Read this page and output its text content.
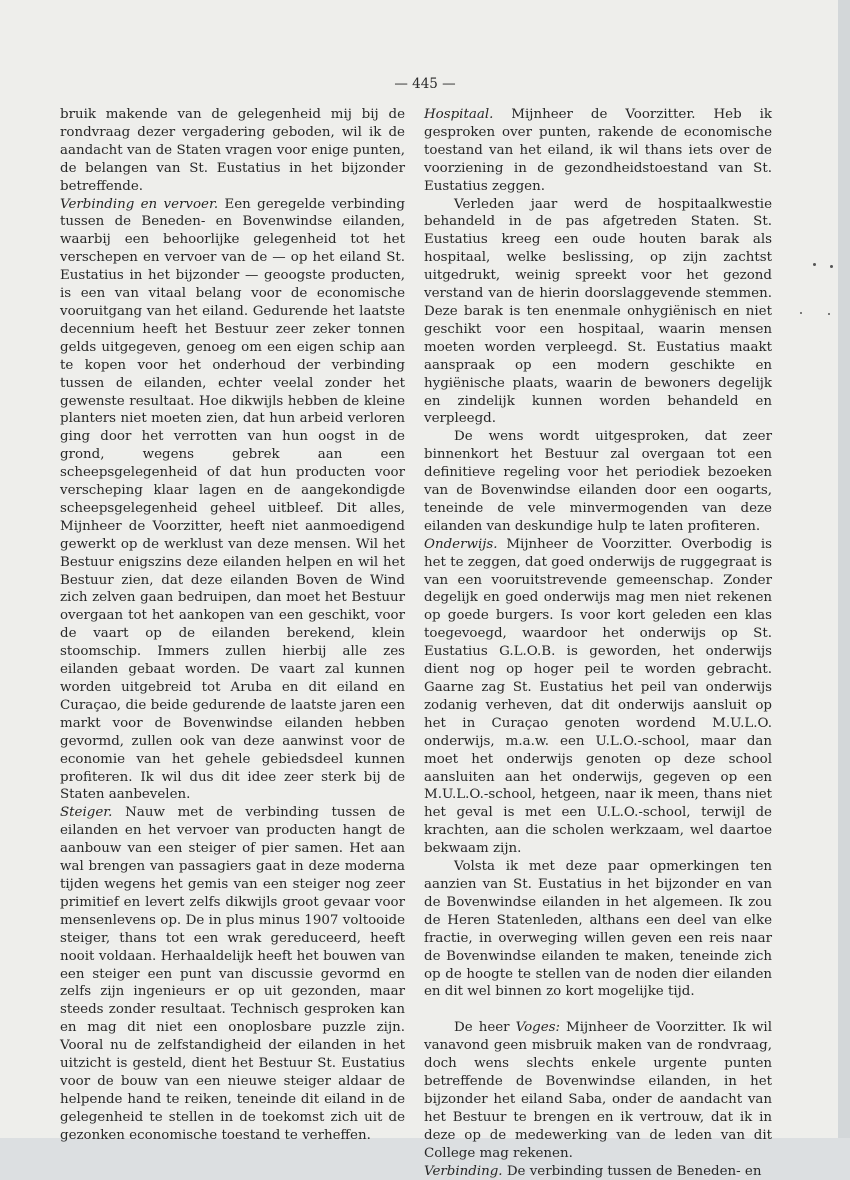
— 445 —

bruik makende van de gelegenheid mij bij de rondvraag dezer vergadering geboden, wil ik de aandacht van de Staten vragen voor enige punten, de belangen van St. Eustatius in het bijzonder betreffende.

Verbinding en vervoer. Een geregelde verbinding tussen de Beneden- en Bovenwindse eilanden, waarbij een behoorlijke gelegenheid tot het verschepen en vervoer van de — op het eiland St. Eustatius in het bijzonder — geoogste producten, is een van vitaal belang voor de economische vooruitgang van het eiland. Gedurende het laatste decennium heeft het Bestuur zeer zeker tonnen gelds uitgegeven, genoeg om een eigen schip aan te kopen voor het onderhoud der verbinding tussen de eilanden, echter veelal zonder het gewenste resultaat. Hoe dikwijls hebben de kleine planters niet moeten zien, dat hun arbeid verloren ging door het verrotten van hun oogst in de grond, wegens gebrek aan een scheepsgelegenheid of dat hun producten voor verscheping klaar lagen en de aangekondigde scheepsgelegenheid geheel uitbleef. Dit alles, Mijnheer de Voorzitter, heeft niet aanmoedigend gewerkt op de werklust van deze mensen. Wil het Bestuur enigszins deze eilanden helpen en wil het Bestuur zien, dat deze eilanden Boven de Wind zich zelven gaan bedruipen, dan moet het Bestuur overgaan tot het aankopen van een geschikt, voor de vaart op de eilanden berekend, klein stoomschip. Immers zullen hierbij alle zes eilanden gebaat worden. De vaart zal kunnen worden uitgebreid tot Aruba en dit eiland en Curaçao, die beide gedurende de laatste jaren een markt voor de Bovenwindse eilanden hebben gevormd, zullen ook van deze aanwinst voor de economie van het gehele gebiedsdeel kunnen profiteren. Ik wil dus dit idee zeer sterk bij de Staten aanbevelen.

Steiger. Nauw met de verbinding tussen de eilanden en het vervoer van producten hangt de aanbouw van een steiger of pier samen. Het aan wal brengen van passagiers gaat in deze moderna tijden wegens het gemis van een steiger nog zeer primitief en levert zelfs dikwijls groot gevaar voor mensenlevens op. De in plus minus 1907 voltooide steiger, thans tot een wrak gereduceerd, heeft nooit voldaan. Herhaaldelijk heeft het bouwen van een steiger een punt van discussie gevormd en zelfs zijn ingenieurs er op uit gezonden, maar steeds zonder resultaat. Technisch gesproken kan en mag dit niet een onoplosbare puzzle zijn. Vooral nu de zelfstandigheid der eilanden in het uitzicht is gesteld, dient het Bestuur St. Eustatius voor de bouw van een nieuwe steiger aldaar de helpende hand te reiken, teneinde dit eiland in de gelegenheid te stellen in de toekomst zich uit de gezonken economische toestand te verheffen.

Hospitaal. Mijnheer de Voorzitter. Heb ik gesproken over punten, rakende de economische toestand van het eiland, ik wil thans iets over de voorziening in de gezondheidstoestand van St. Eustatius zeggen.

Verleden jaar werd de hospitaalkwestie behandeld in de pas afgetreden Staten. St. Eustatius kreeg een oude houten barak als hospitaal, welke beslissing, op zijn zachtst uitgedrukt, weinig spreekt voor het gezond verstand van de hierin doorslaggevende stemmen. Deze barak is ten enenmale onhygiënisch en niet geschikt voor een hospitaal, waarin mensen moeten worden verpleegd. St. Eustatius maakt aanspraak op een modern geschikte en hygiënische plaats, waarin de bewoners degelijk en zindelijk kunnen worden behandeld en verpleegd.

De wens wordt uitgesproken, dat zeer binnenkort het Bestuur zal overgaan tot een definitieve regeling voor het periodiek bezoeken van de Bovenwindse eilanden door een oogarts, teneinde de vele minvermogenden van deze eilanden van deskundige hulp te laten profiteren.

Onderwijs. Mijnheer de Voorzitter. Overbodig is het te zeggen, dat goed onderwijs de ruggegraat is van een vooruitstrevende gemeenschap. Zonder degelijk en goed onderwijs mag men niet rekenen op goede burgers. Is voor kort geleden een klas toegevoegd, waardoor het onderwijs op St. Eustatius G.L.O.B. is geworden, het onderwijs dient nog op hoger peil te worden gebracht. Gaarne zag St. Eustatius het peil van onderwijs zodanig verheven, dat dit onderwijs aansluit op het in Curaçao genoten wordend M.U.L.O. onderwijs, m.a.w. een U.L.O.-school, maar dan moet het onderwijs genoten op deze school aansluiten aan het onderwijs, gegeven op een M.U.L.O.-school, hetgeen, naar ik meen, thans niet het geval is met een U.L.O.-school, terwijl de krachten, aan die scholen werkzaam, wel daartoe bekwaam zijn.

Volsta ik met deze paar opmerkingen ten aanzien van St. Eustatius in het bijzonder en van de Bovenwindse eilanden in het algemeen. Ik zou de Heren Statenleden, althans een deel van elke fractie, in overweging willen geven een reis naar de Bovenwindse eilanden te maken, teneinde zich op de hoogte te stellen van de noden dier eilanden en dit wel binnen zo kort mogelijke tijd.

De heer Voges: Mijnheer de Voorzitter. Ik wil vanavond geen misbruik maken van de rondvraag, doch wens slechts enkele urgente punten betreffende de Bovenwindse eilanden, in het bijzonder het eiland Saba, onder de aandacht van het Bestuur te brengen en ik vertrouw, dat ik in deze op de medewerking van de leden van dit College mag rekenen.

Verbinding. De verbinding tussen de Beneden- en
